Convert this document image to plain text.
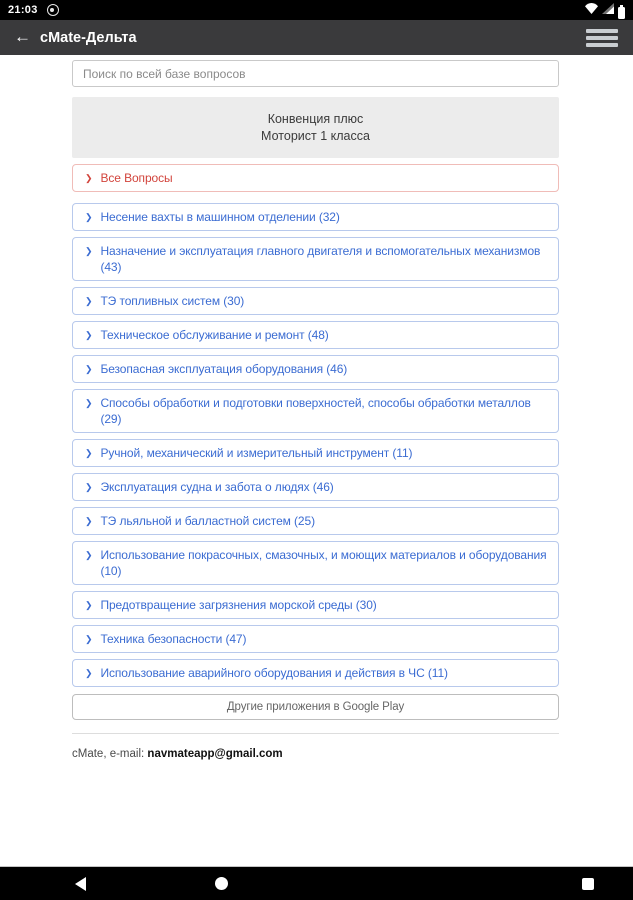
21:03
← cMate-Дельта
Поиск по всей базе вопросов
Конвенция плюс
Моторист 1 класса
❯ Все Вопросы
❯ Несение вахты в машинном отделении (32)
❯ Назначение и эксплуатация главного двигателя и вспомогательных механизмов (43)
❯ ТЭ топливных систем (30)
❯ Техническое обслуживание и ремонт (48)
❯ Безопасная эксплуатация оборудования (46)
❯ Способы обработки и подготовки поверхностей, способы обработки металлов (29)
❯ Ручной, механический и измерительный инструмент (11)
❯ Эксплуатация судна и забота о людях (46)
❯ ТЭ льяльной и балластной систем (25)
❯ Использование покрасочных, смазочных, и моющих материалов и оборудования (10)
❯ Предотвращение загрязнения морской среды (30)
❯ Техника безопасности (47)
❯ Использование аварийного оборудования и действия в ЧС (11)
Другие приложения в Google Play
cMate, e-mail: navmateapp@gmail.com
